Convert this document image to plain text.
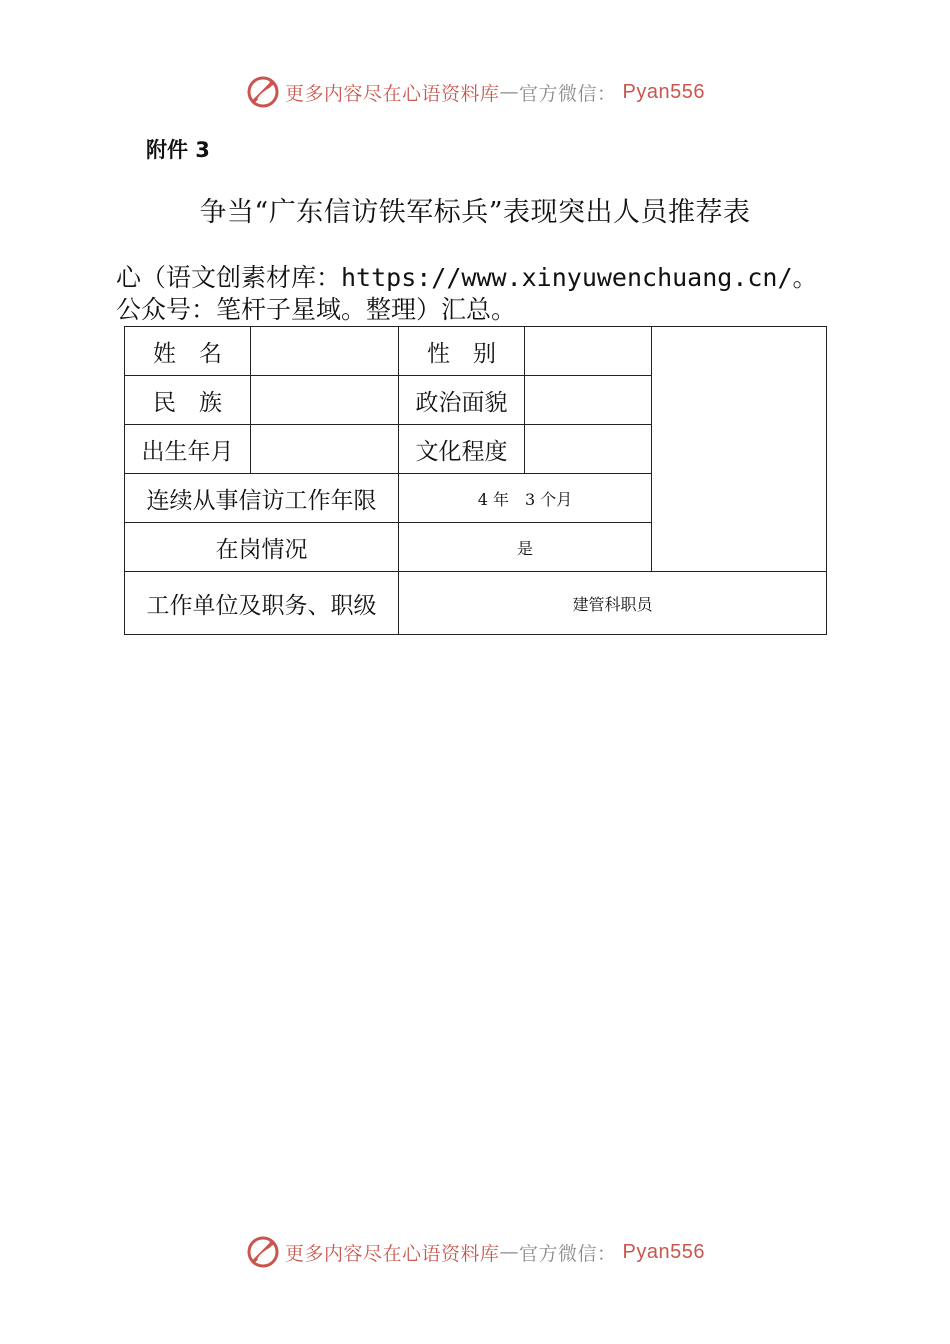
更多内容尽在心语资料库 — 官方微信： Pyan556
附件 3
争当“广东信访铁军标兵”表现突出人员推荐表
心（语文创素材库：https://www.xinyuwenchuang.cn/。
公众号：笔杆子星域。整理）汇总。
姓　名		性　别		
民　族		政治面貌		
出生年月		文化程度		
连续从事信访工作年限		4 年　3 个月		
在岗情况		是		
工作单位及职务、职级		建管科职员		
更多内容尽在心语资料库 — 官方微信： Pyan556
